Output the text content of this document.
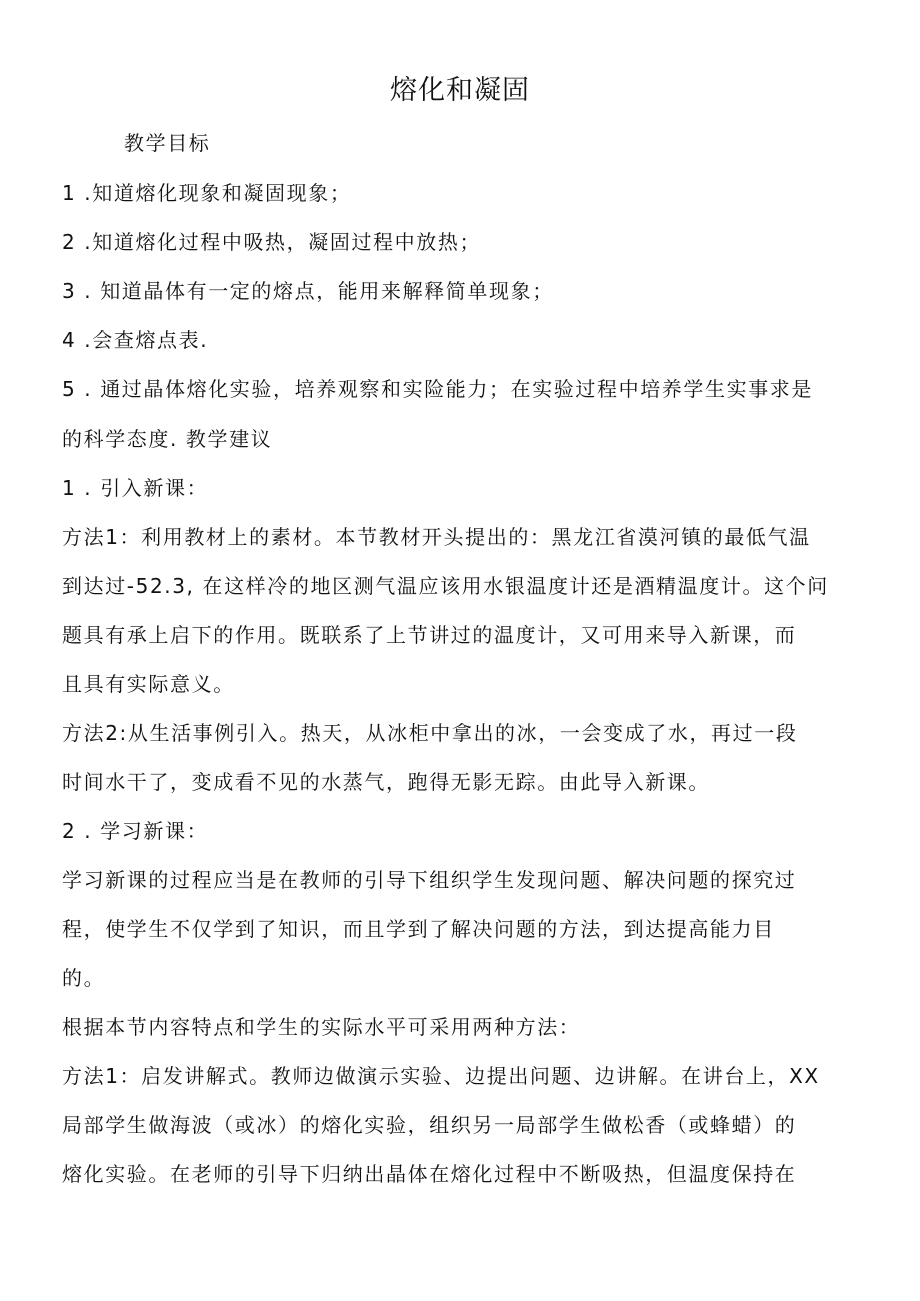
熔化和凝固
教学目标
1 .知道熔化现象和凝固现象；
2 .知道熔化过程中吸热，凝固过程中放热；
3 . 知道晶体有一定的熔点，能用来解释简单现象；
4 .会查熔点表.
5 . 通过晶体熔化实验，培养观察和实险能力；在实验过程中培养学生实事求是
的科学态度. 教学建议
1 . 引入新课：
方法1：利用教材上的素材。本节教材开头提出的：黑龙江省漠河镇的最低气温
到达过-52.3, 在这样冷的地区测气温应该用水银温度计还是酒精温度计。这个问
题具有承上启下的作用。既联系了上节讲过的温度计，又可用来导入新课，而
且具有实际意义。
方法2:从生活事例引入。热天，从冰柜中拿出的冰，一会变成了水，再过一段
时间水干了，变成看不见的水蒸气，跑得无影无踪。由此导入新课。
2 . 学习新课：
学习新课的过程应当是在教师的引导下组织学生发现问题、解决问题的探究过
程，使学生不仅学到了知识，而且学到了解决问题的方法，到达提高能力目
的。
根据本节内容特点和学生的实际水平可采用两种方法：
方法1：启发讲解式。教师边做演示实验、边提出问题、边讲解。在讲台上，XX
局部学生做海波（或冰）的熔化实验，组织另一局部学生做松香（或蜂蜡）的
熔化实验。在老师的引导下归纳出晶体在熔化过程中不断吸热，但温度保持在
